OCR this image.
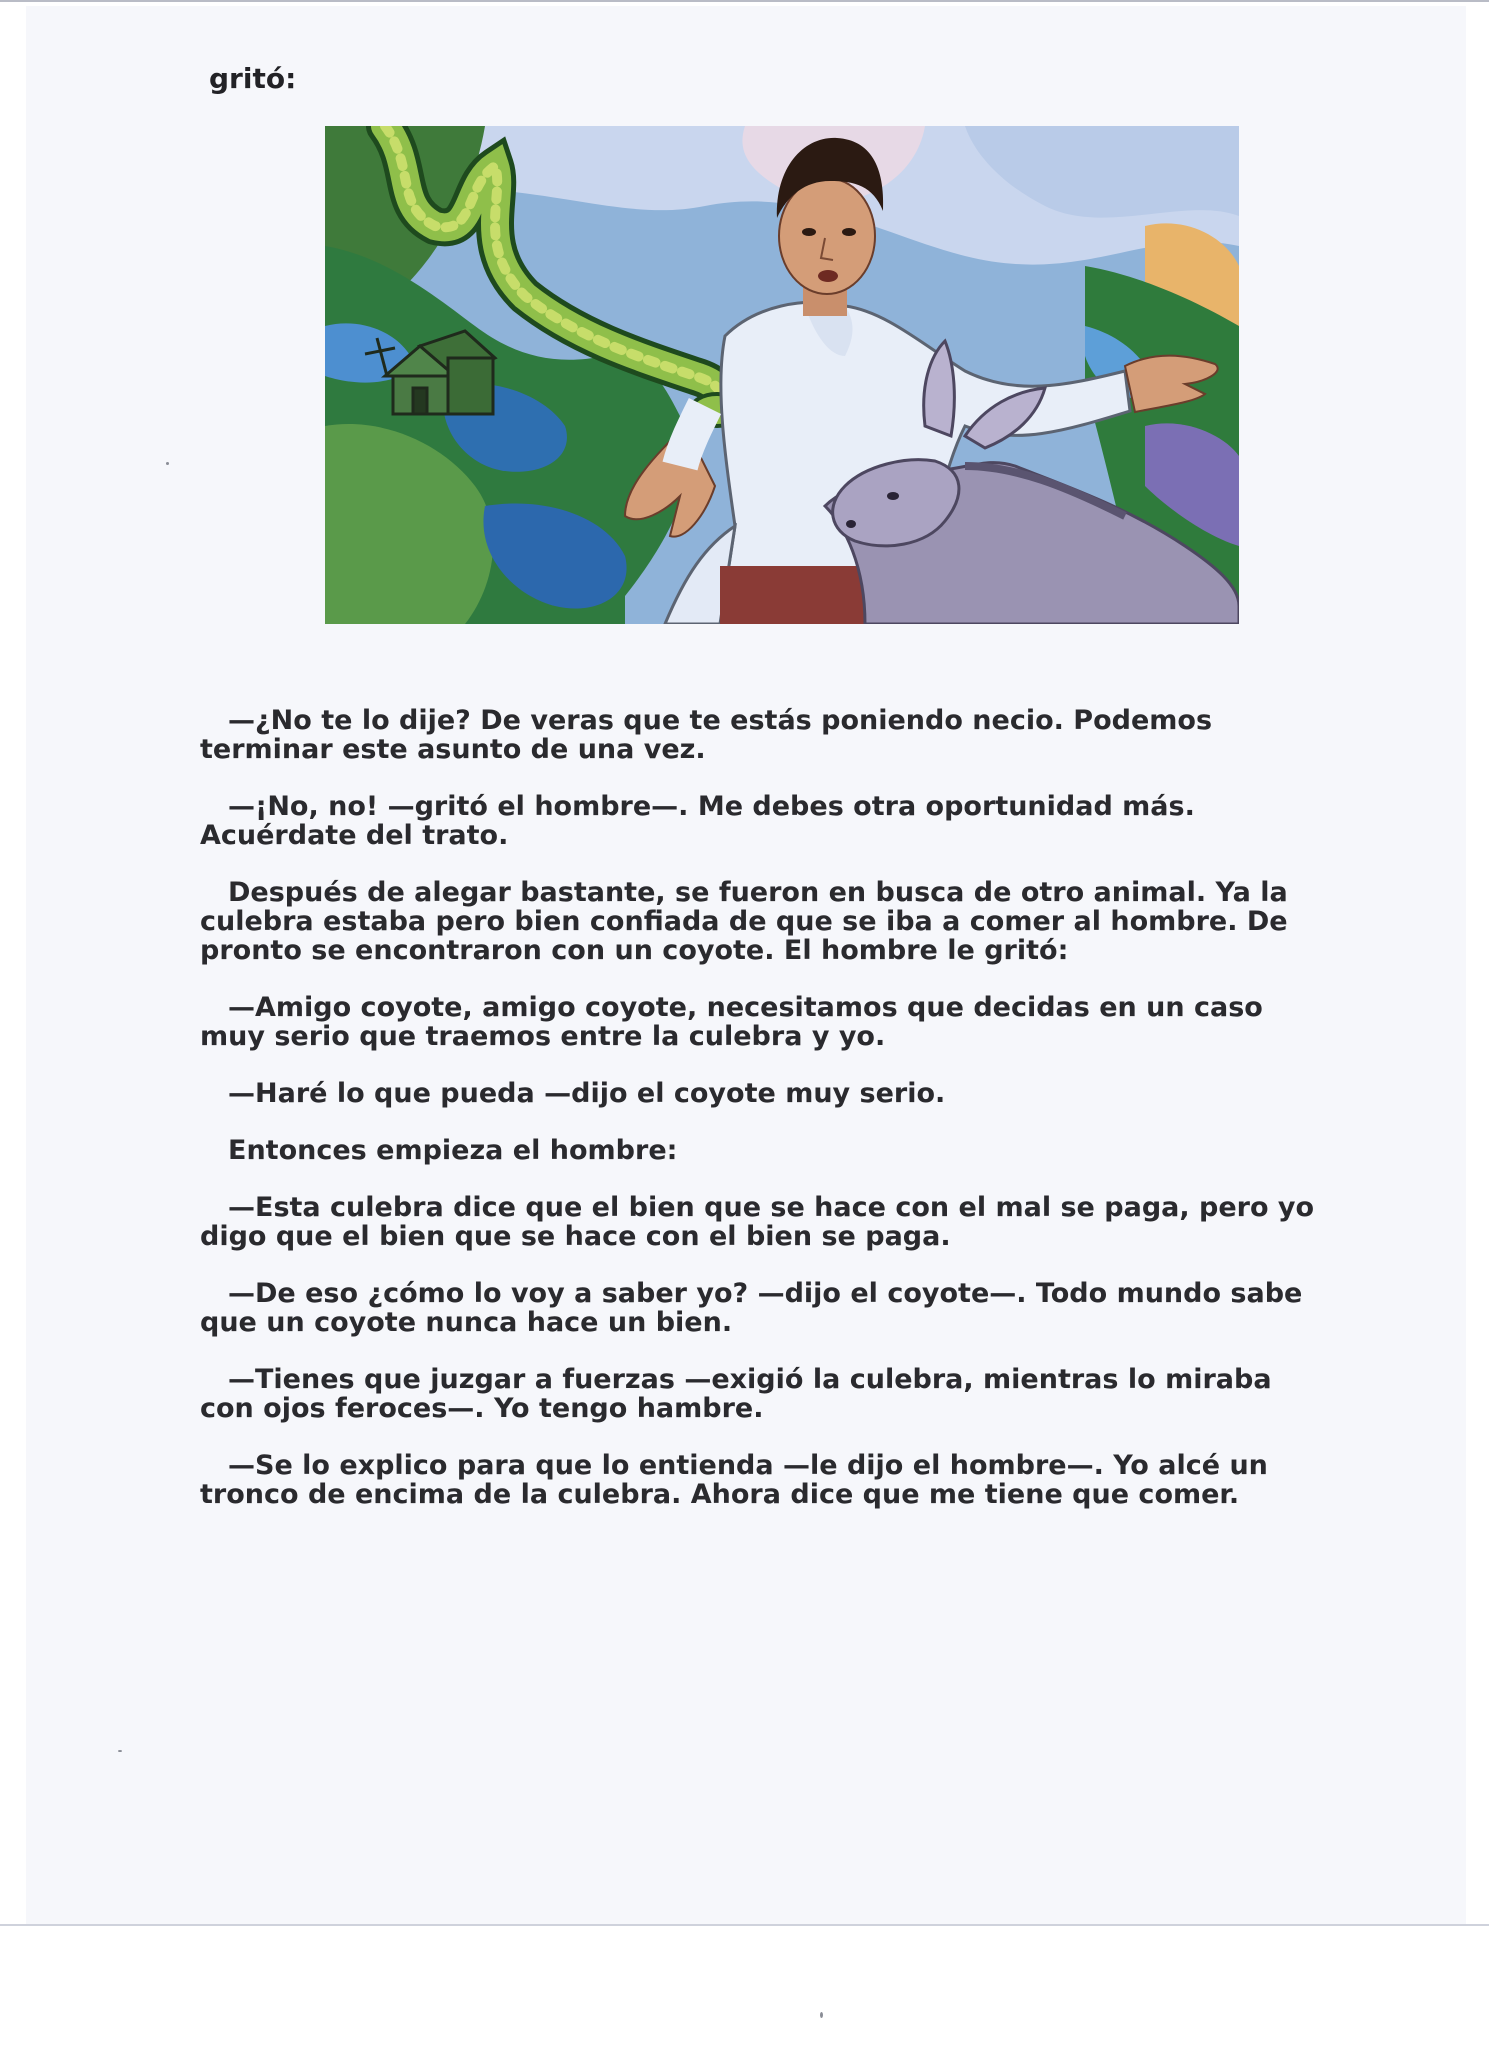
gritó:

—¿No te lo dije? De veras que te estás poniendo necio. Podemos terminar este asunto de una vez.

—¡No, no! —gritó el hombre—. Me debes otra oportunidad más. Acuérdate del trato.

Después de alegar bastante, se fueron en busca de otro animal. Ya la culebra estaba pero bien confiada de que se iba a comer al hombre. De pronto se encontraron con un coyote. El hombre le gritó:

—Amigo coyote, amigo coyote, necesitamos que decidas en un caso muy serio que traemos entre la culebra y yo.

—Haré lo que pueda —dijo el coyote muy serio.

Entonces empieza el hombre:

—Esta culebra dice que el bien que se hace con el mal se paga, pero yo digo que el bien que se hace con el bien se paga.

—De eso ¿cómo lo voy a saber yo? —dijo el coyote—. Todo mundo sabe que un coyote nunca hace un bien.

—Tienes que juzgar a fuerzas —exigió la culebra, mientras lo miraba con ojos feroces—. Yo tengo hambre.

—Se lo explico para que lo entienda —le dijo el hombre—. Yo alcé un tronco de encima de la culebra. Ahora dice que me tiene que comer.
